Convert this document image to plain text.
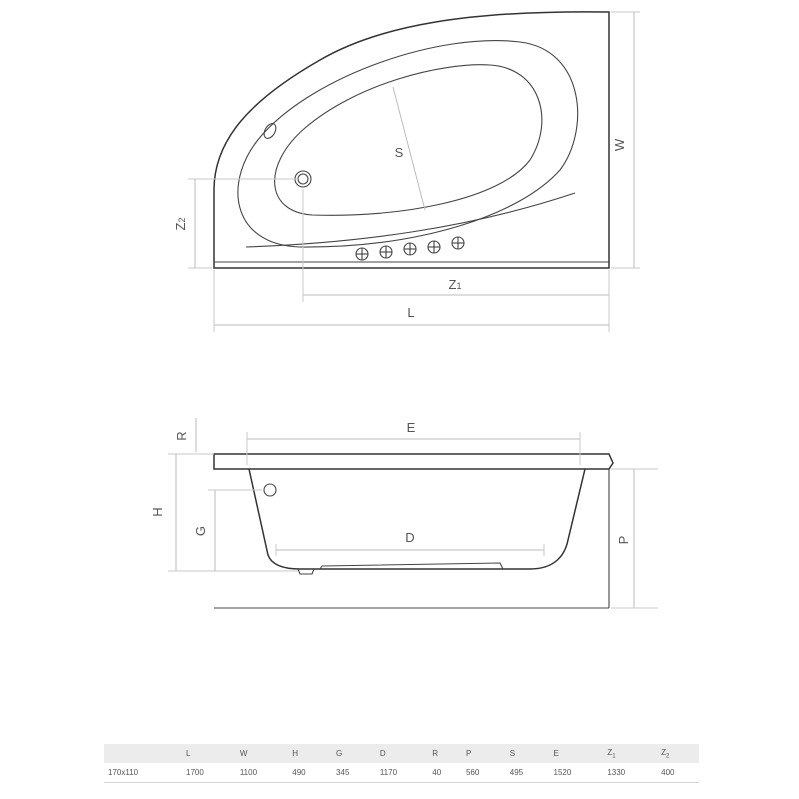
W
S
Z2
Z1
L
R
E
H
G	D	P
	L	W	H	G	D	R	P	S	E	$Z_1$	$Z_2$
170x110	1700	1100	490	345	1170	40	560	495	1520	1330	400
